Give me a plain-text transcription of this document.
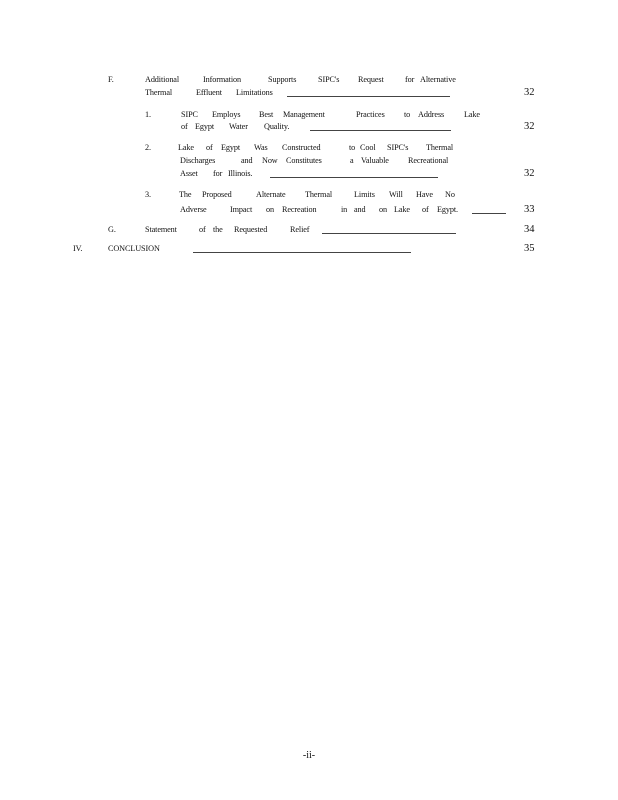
F.	Additional	Information	Supports	SIPC's Request	for Alternative
Thermal	Effluent Limitations	32
1.	SIPC Employs Best Management	Practices to Address Lake
of Egypt Water Quality.	32
2.	Lake of Egypt Was Constructed	to Cool SIPC's Thermal
Discharges	and Now Constitutes	a Valuable Recreational
Asset for Illinois.	32
3.	The Proposed	Alternate Thermal	Limits Will Have No
Adverse	Impact on Recreation	in and on Lake of Egypt.	33
G.	Statement	of the Requested	Relief	34
IV.	CONCLUSION	35
-ii-
